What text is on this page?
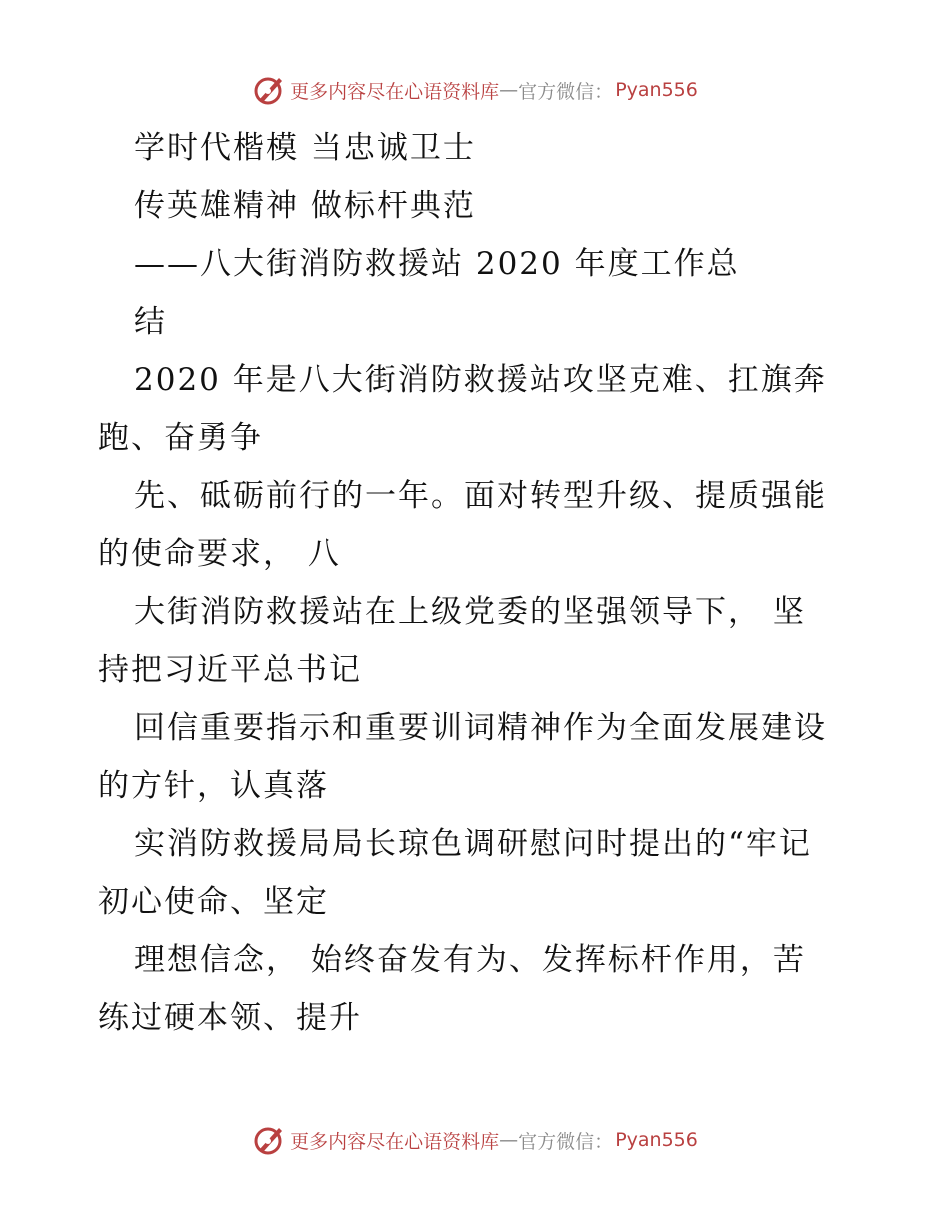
更多内容尽在心语资料库 — 官方微信： Pyan556
学时代楷模 当忠诚卫士
传英雄精神 做标杆典范
——八大街消防救援站 2020 年度工作总
结
2020 年是八大街消防救援站攻坚克难、扛旗奔
跑、奋勇争
先、砥砺前行的一年。面对转型升级、提质强能
的使命要求， 八
大街消防救援站在上级党委的坚强领导下， 坚
持把习近平总书记
回信重要指示和重要训词精神作为全面发展建设
的方针，认真落
实消防救援局局长琼色调研慰问时提出的“牢记
初心使命、坚定
理想信念， 始终奋发有为、发挥标杆作用，苦
练过硬本领、提升
更多内容尽在心语资料库 — 官方微信： Pyan556
